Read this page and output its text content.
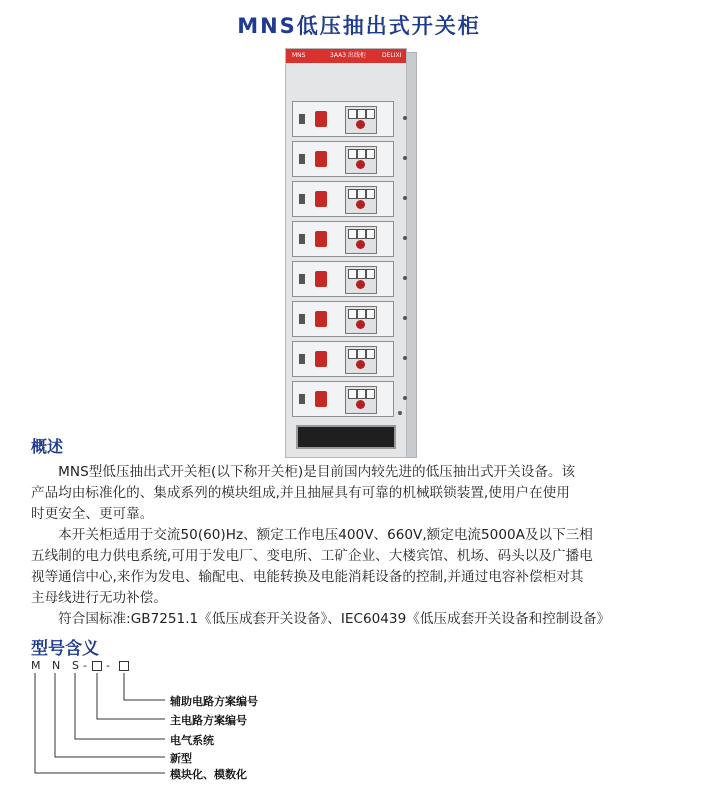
MNS低压抽出式开关柜
MNS	3AA3 出线柜	DELIXI
概述
　　MNS型低压抽出式开关柜(以下称开关柜)是目前国内较先进的低压抽出式开关设备。该
产品均由标准化的、集成系列的模块组成,并且抽屉具有可靠的机械联锁装置,使用户在使用
时更安全、更可靠。
　　本开关柜适用于交流50(60)Hz、额定工作电压400V、660V,额定电流5000A及以下三相
五线制的电力供电系统,可用于发电厂、变电所、工矿企业、大楼宾馆、机场、码头以及广播电
视等通信中心,来作为发电、输配电、电能转换及电能消耗设备的控制,并通过电容补偿柜对其
主母线进行无功补偿。
　　符合国标准:GB7251.1《低压成套开关设备》、IEC60439《低压成套开关设备和控制设备》
型号含义
M N S - -
辅助电路方案编号
主电路方案编号
电气系统
新型
模块化、模数化
